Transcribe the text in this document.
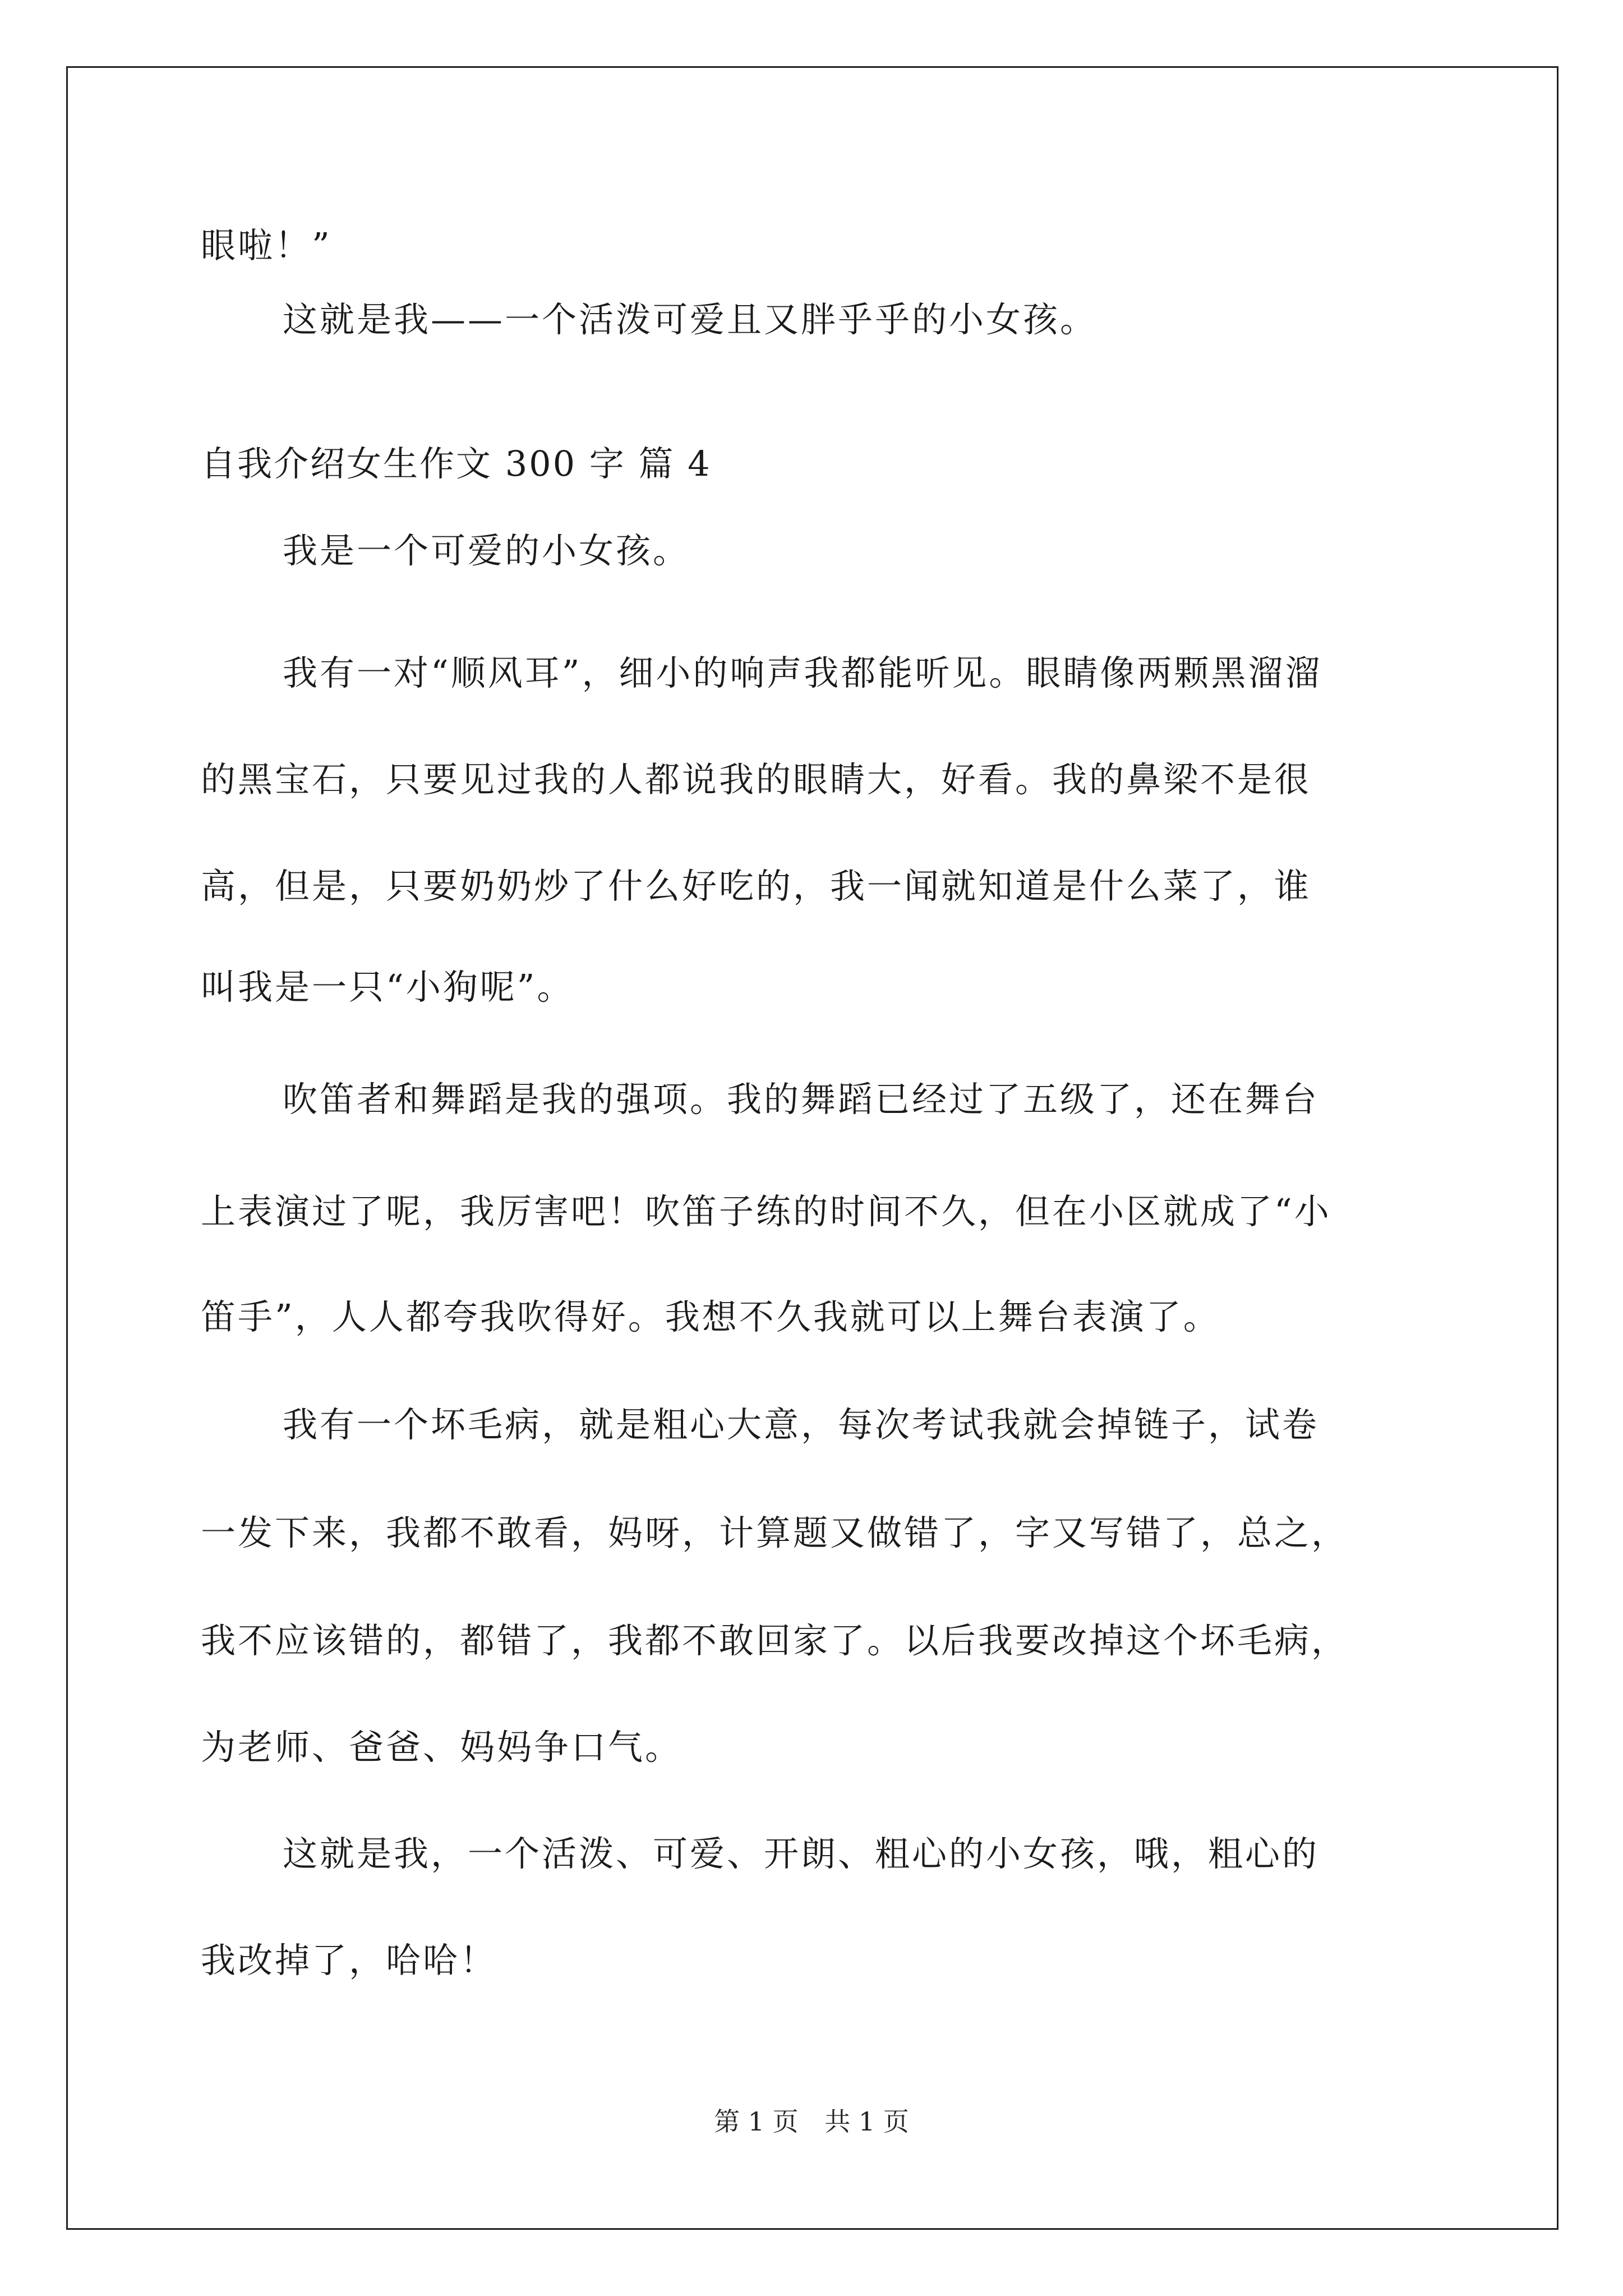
眼啦！”
这就是我——一个活泼可爱且又胖乎乎的小女孩。
自我介绍女生作文 300 字 篇 4
我是一个可爱的小女孩。
我有一对“顺风耳”，细小的响声我都能听见。眼睛像两颗黑溜溜
的黑宝石，只要见过我的人都说我的眼睛大，好看。我的鼻梁不是很
高，但是，只要奶奶炒了什么好吃的，我一闻就知道是什么菜了，谁
叫我是一只“小狗呢”。
吹笛者和舞蹈是我的强项。我的舞蹈已经过了五级了，还在舞台
上表演过了呢，我厉害吧！吹笛子练的时间不久，但在小区就成了“小
笛手”，人人都夸我吹得好。我想不久我就可以上舞台表演了。
我有一个坏毛病，就是粗心大意，每次考试我就会掉链子，试卷
一发下来，我都不敢看，妈呀，计算题又做错了，字又写错了，总之，
我不应该错的，都错了，我都不敢回家了。以后我要改掉这个坏毛病，
为老师、爸爸、妈妈争口气。
这就是我，一个活泼、可爱、开朗、粗心的小女孩，哦，粗心的
我改掉了，哈哈！
第 1 页 共 1 页
